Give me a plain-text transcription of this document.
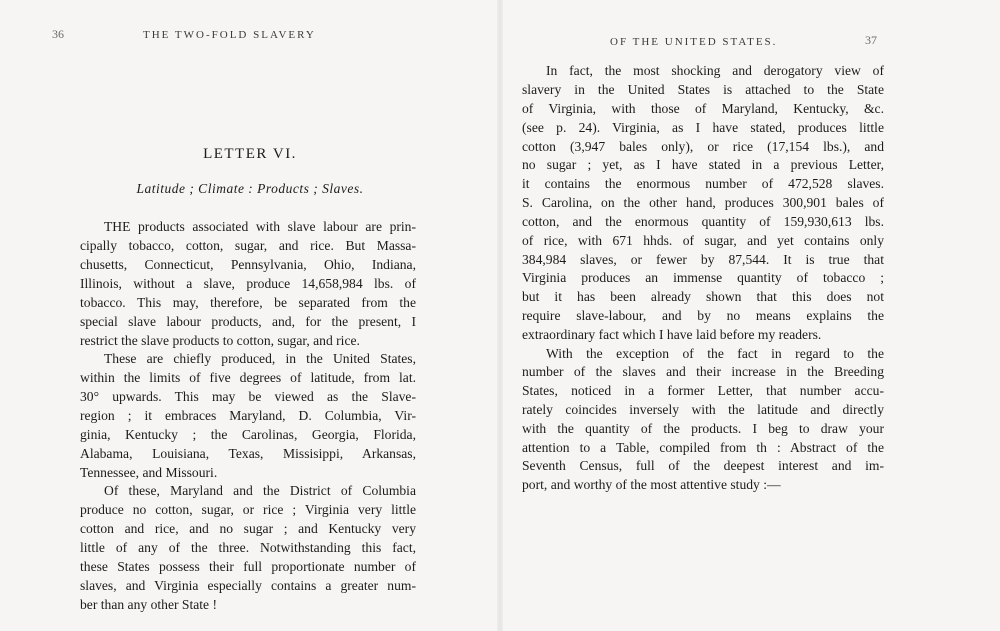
36	THE TWO-FOLD SLAVERY
LETTER VI.
Latitude ; Climate : Products ; Slaves.
THE products associated with slave labour are prin-
cipally tobacco, cotton, sugar, and rice. But Massa-
chusetts, Connecticut, Pennsylvania, Ohio, Indiana,
Illinois, without a slave, produce 14,658,984 lbs. of
tobacco. This may, therefore, be separated from the
special slave labour products, and, for the present, I
restrict the slave products to cotton, sugar, and rice.
These are chiefly produced, in the United States,
within the limits of five degrees of latitude, from lat.
30° upwards. This may be viewed as the Slave-
region ; it embraces Maryland, D. Columbia, Vir-
ginia, Kentucky ; the Carolinas, Georgia, Florida,
Alabama, Louisiana, Texas, Missisippi, Arkansas,
Tennessee, and Missouri.
Of these, Maryland and the District of Columbia
produce no cotton, sugar, or rice ; Virginia very little
cotton and rice, and no sugar ; and Kentucky very
little of any of the three. Notwithstanding this fact,
these States possess their full proportionate number of
slaves, and Virginia especially contains a greater num-
ber than any other State !
OF THE UNITED STATES.	37
In fact, the most shocking and derogatory view of
slavery in the United States is attached to the State
of Virginia, with those of Maryland, Kentucky, &c.
(see p. 24). Virginia, as I have stated, produces little
cotton (3,947 bales only), or rice (17,154 lbs.), and
no sugar ; yet, as I have stated in a previous Letter,
it contains the enormous number of 472,528 slaves.
S. Carolina, on the other hand, produces 300,901 bales of
cotton, and the enormous quantity of 159,930,613 lbs.
of rice, with 671 hhds. of sugar, and yet contains only
384,984 slaves, or fewer by 87,544. It is true that
Virginia produces an immense quantity of tobacco ;
but it has been already shown that this does not
require slave-labour, and by no means explains the
extraordinary fact which I have laid before my readers.
With the exception of the fact in regard to the
number of the slaves and their increase in the Breeding
States, noticed in a former Letter, that number accu-
rately coincides inversely with the latitude and directly
with the quantity of the products. I beg to draw your
attention to a Table, compiled from th : Abstract of the
Seventh Census, full of the deepest interest and im-
port, and worthy of the most attentive study :—
